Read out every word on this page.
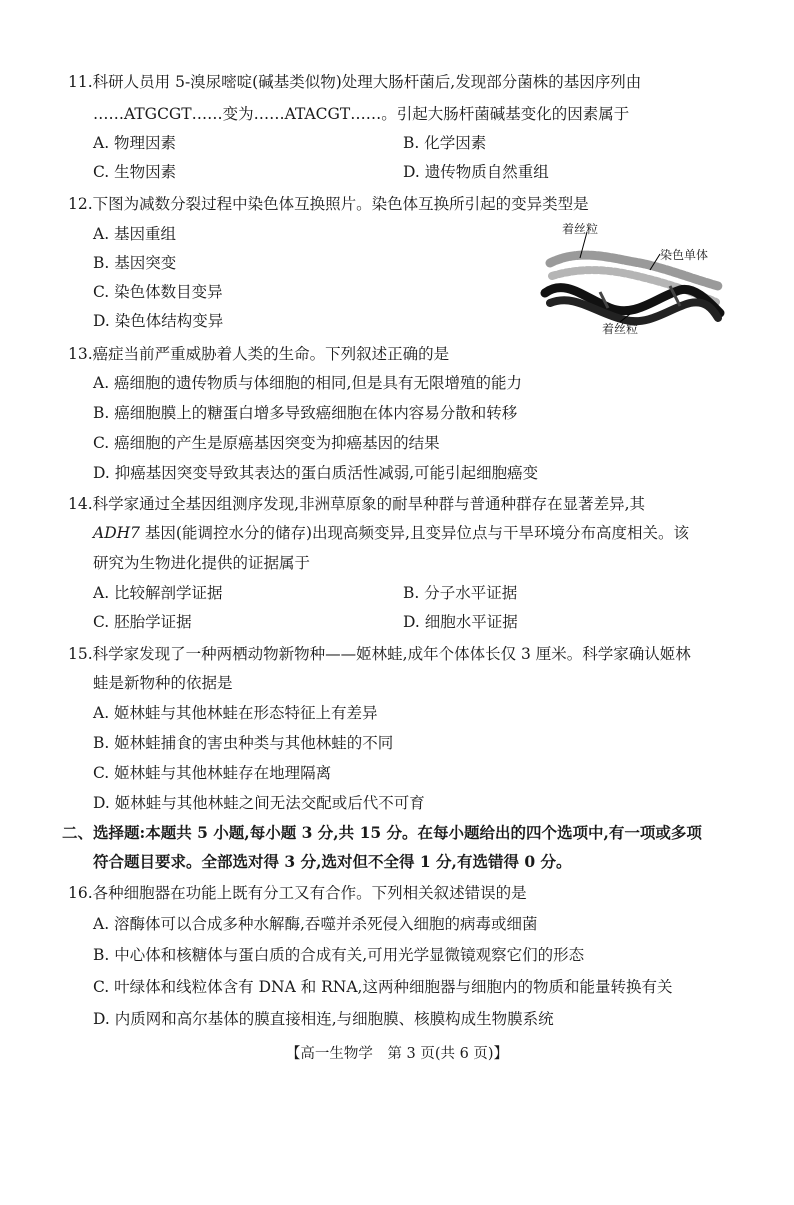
11.科研人员用 5-溴尿嘧啶(碱基类似物)处理大肠杆菌后,发现部分菌株的基因序列由
……ATGCGT……变为……ATACGT……。引起大肠杆菌碱基变化的因素属于
A. 物理因素	B. 化学因素
C. 生物因素	D. 遗传物质自然重组
12.下图为减数分裂过程中染色体互换照片。染色体互换所引起的变异类型是
A. 基因重组
B. 基因突变
C. 染色体数目变异
D. 染色体结构变异
着丝粒
染色单体
着丝粒
13.癌症当前严重威胁着人类的生命。下列叙述正确的是
A. 癌细胞的遗传物质与体细胞的相同,但是具有无限增殖的能力
B. 癌细胞膜上的糖蛋白增多导致癌细胞在体内容易分散和转移
C. 癌细胞的产生是原癌基因突变为抑癌基因的结果
D. 抑癌基因突变导致其表达的蛋白质活性减弱,可能引起细胞癌变
14.科学家通过全基因组测序发现,非洲草原象的耐旱种群与普通种群存在显著差异,其
ADH7 基因(能调控水分的储存)出现高频变异,且变异位点与干旱环境分布高度相关。该
研究为生物进化提供的证据属于
A. 比较解剖学证据	B. 分子水平证据
C. 胚胎学证据	D. 细胞水平证据
15.科学家发现了一种两栖动物新物种——姬林蛙,成年个体体长仅 3 厘米。科学家确认姬林
蛙是新物种的依据是
A. 姬林蛙与其他林蛙在形态特征上有差异
B. 姬林蛙捕食的害虫种类与其他林蛙的不同
C. 姬林蛙与其他林蛙存在地理隔离
D. 姬林蛙与其他林蛙之间无法交配或后代不可育
二、选择题:本题共 5 小题,每小题 3 分,共 15 分。在每小题给出的四个选项中,有一项或多项
符合题目要求。全部选对得 3 分,选对但不全得 1 分,有选错得 0 分。
16.各种细胞器在功能上既有分工又有合作。下列相关叙述错误的是
A. 溶酶体可以合成多种水解酶,吞噬并杀死侵入细胞的病毒或细菌
B. 中心体和核糖体与蛋白质的合成有关,可用光学显微镜观察它们的形态
C. 叶绿体和线粒体含有 DNA 和 RNA,这两种细胞器与细胞内的物质和能量转换有关
D. 内质网和高尔基体的膜直接相连,与细胞膜、核膜构成生物膜系统
【高一生物学　第 3 页(共 6 页)】
